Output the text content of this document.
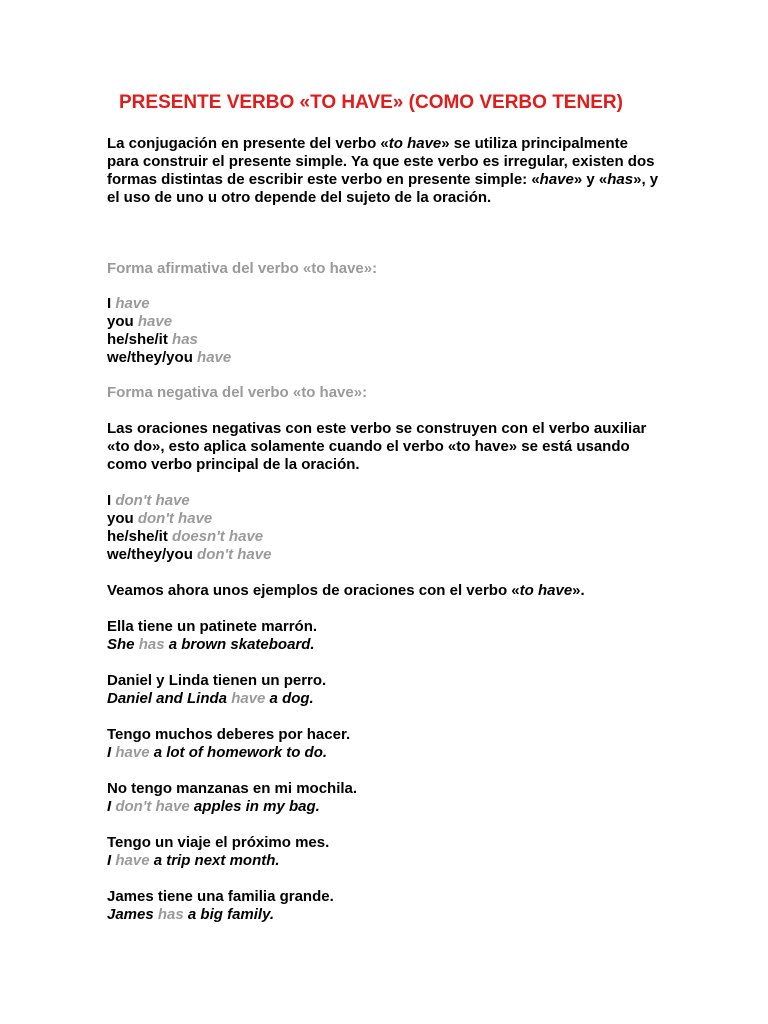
PRESENTE VERBO «TO HAVE» (COMO VERBO TENER)
La conjugación en presente del verbo «to have» se utiliza principalmente
para construir el presente simple. Ya que este verbo es irregular, existen dos
formas distintas de escribir este verbo en presente simple: «have» y «has», y
el uso de uno u otro depende del sujeto de la oración.
Forma afirmativa del verbo «to have»:
I have
you have
he/she/it has
we/they/you have
Forma negativa del verbo «to have»:
Las oraciones negativas con este verbo se construyen con el verbo auxiliar
«to do», esto aplica solamente cuando el verbo «to have» se está usando
como verbo principal de la oración.
I don't have
you don't have
he/she/it doesn't have
we/they/you don't have
Veamos ahora unos ejemplos de oraciones con el verbo «to have».
Ella tiene un patinete marrón.
She has a brown skateboard.
Daniel y Linda tienen un perro.
Daniel and Linda have a dog.
Tengo muchos deberes por hacer.
I have a lot of homework to do.
No tengo manzanas en mi mochila.
I don't have apples in my bag.
Tengo un viaje el próximo mes.
I have a trip next month.
James tiene una familia grande.
James has a big family.
